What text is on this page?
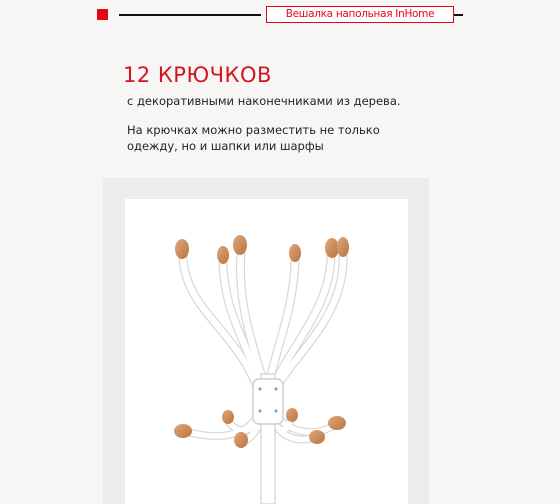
Вешалка напольная InHome
12 КРЮЧКОВ
с декоративными наконечниками из дерева.
На крючках можно разместить не только одежду, но и шапки или шарфы
